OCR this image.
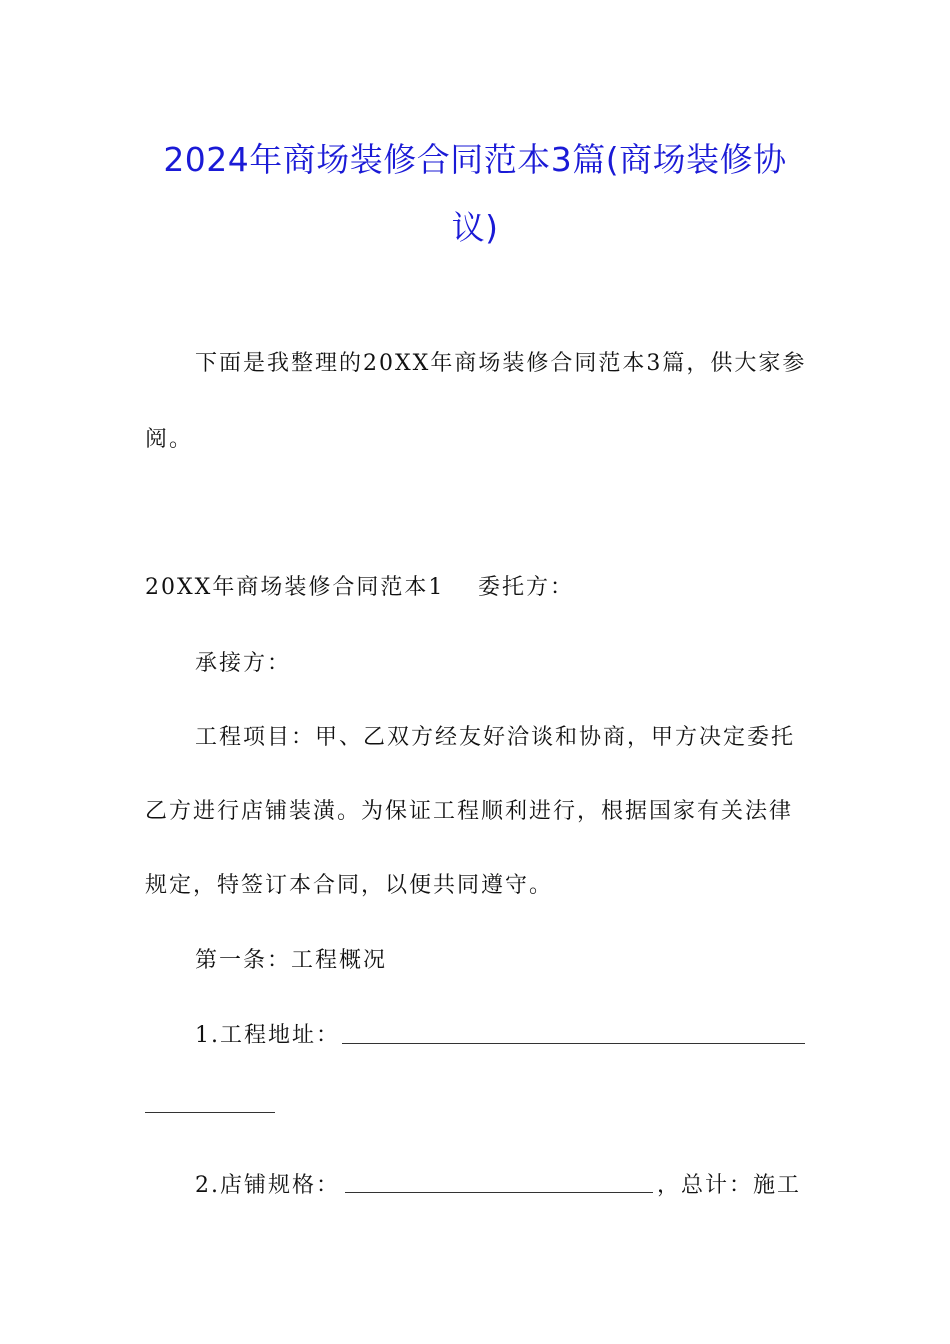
2024年商场装修合同范本3篇(商场装修协
议)

下面是我整理的20XX年商场装修合同范本3篇，供大家参

阅。

20XX年商场装修合同范本1 委托方：

承接方：

工程项目：甲、乙双方经友好洽谈和协商，甲方决定委托

乙方进行店铺装潢。为保证工程顺利进行，根据国家有关法律

规定，特签订本合同，以便共同遵守。

第一条：工程概况

1.工程地址：

2.店铺规格：	，总计：施工
